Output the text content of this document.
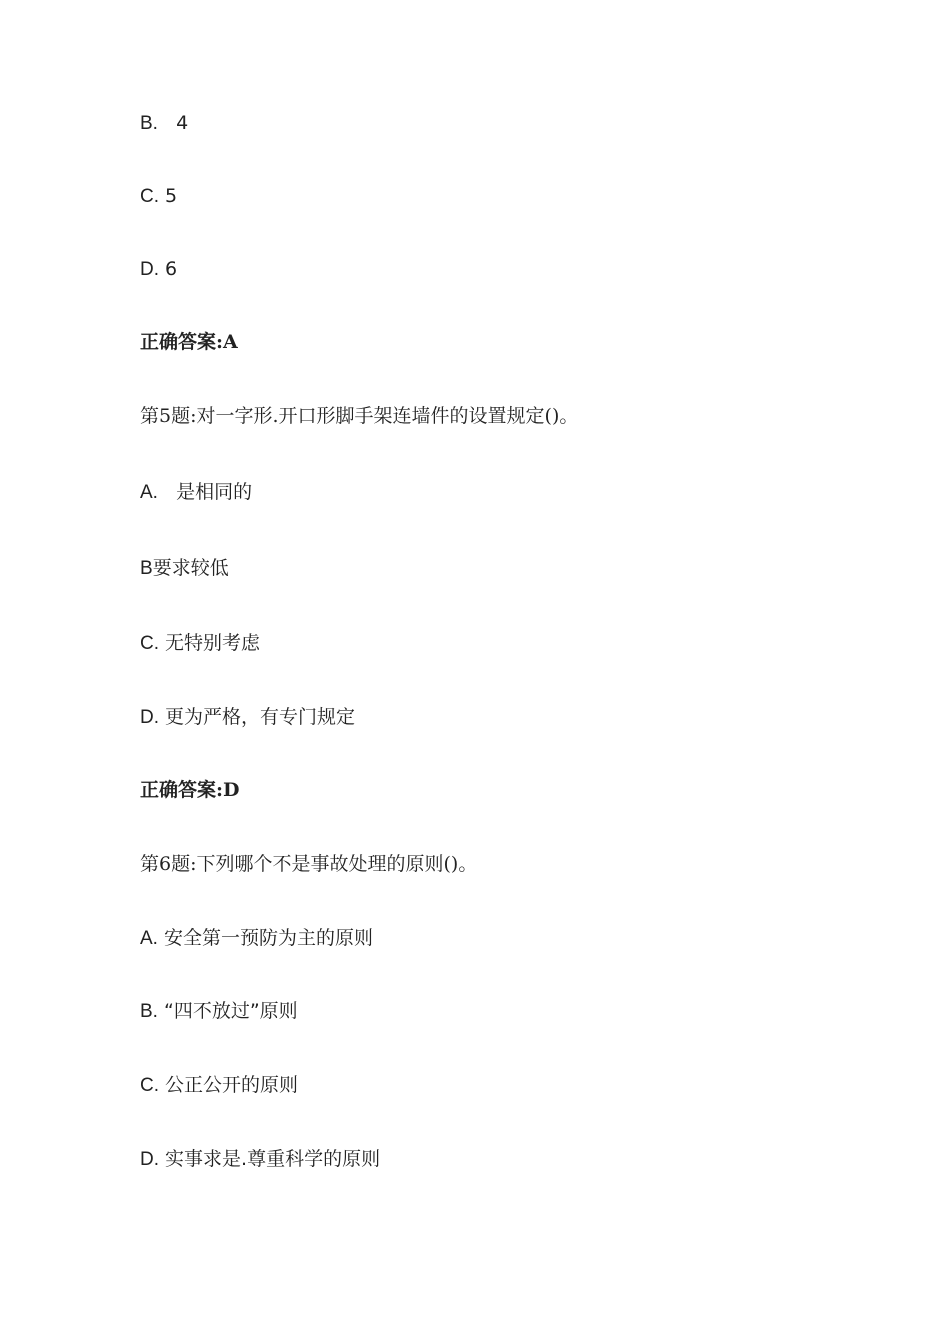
B.   4
C. 5
D. 6
正确答案:A
第5题:对一字形.开口形脚手架连墙件的设置规定()。
A.   是相同的
B要求较低
C. 无特别考虑
D. 更为严格，有专门规定
正确答案:D
第6题:下列哪个不是事故处理的原则()。
A. 安全第一预防为主的原则
B. “四不放过”原则
C. 公正公开的原则
D. 实事求是.尊重科学的原则
